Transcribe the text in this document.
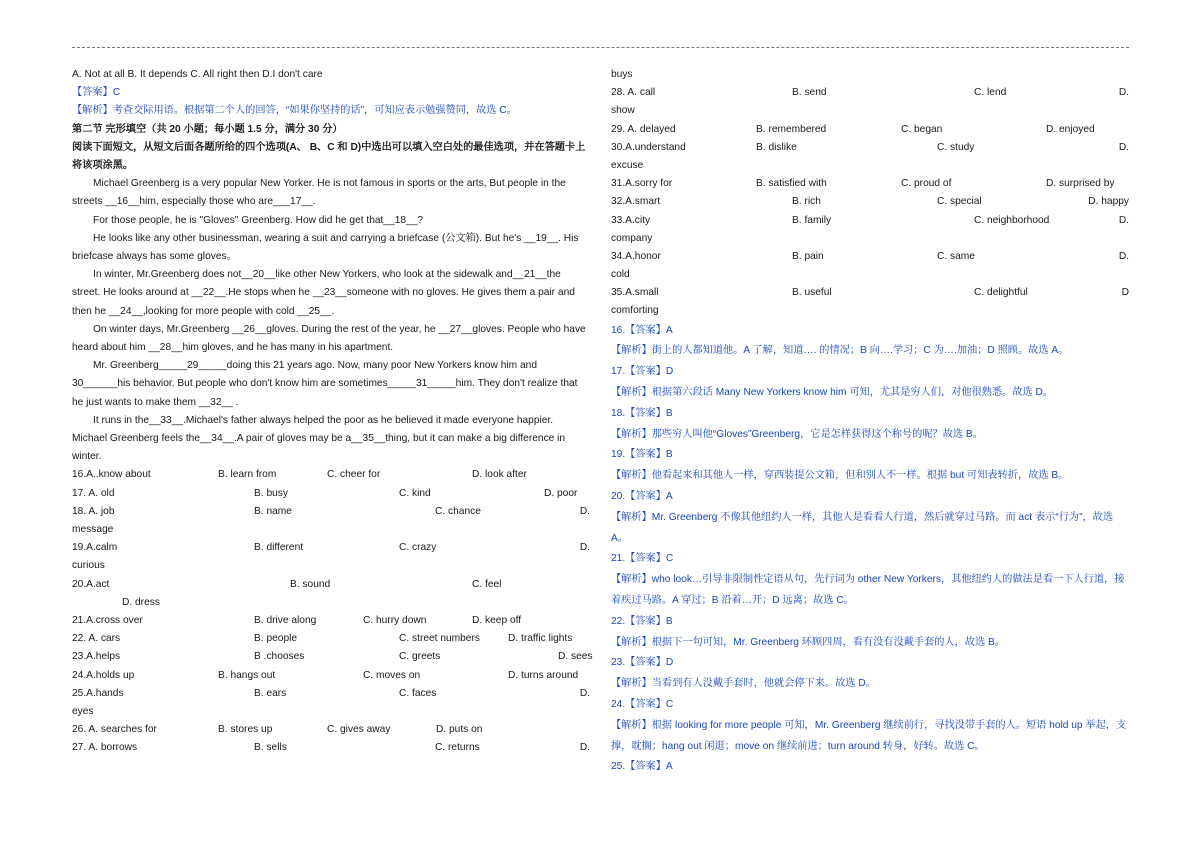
A. Not at all B. It depends C. All right then D.I don't care

【答案】C

【解析】考查交际用语。根据第二个人的回答，“如果你坚持的话”，可知应表示勉强赞同，故选 C。

第二节 完形填空（共 20 小题；每小题 1.5 分，满分 30 分）

阅读下面短文，从短文后面各题所给的四个选项(A、 B、C 和 D)中选出可以填入空白处的最佳选项，并在答题卡上将该项涂黑。

Michael Greenberg is a very popular New Yorker. He is not famous in sports or the arts, But people in the streets __16__him, especially those who are___17__.

For those people, he is "Gloves" Greenberg. How did he get that__18__?

He looks like any other businessman, wearing a suit and carrying a briefcase (公文箱). But he's __19__. His briefcase always has some gloves。

In winter, Mr.Greenberg does not__20__like other New Yorkers, who look at the sidewalk and__21__the street. He looks around at __22__.He stops when he __23__someone with no gloves. He gives them a pair and then he __24__,looking for more people with cold __25__.

On winter days, Mr.Greenberg __26__gloves. During the rest of the year, he __27__gloves. People who have heard about him __28__him gloves, and he has many in his apartment.

Mr. Greenberg_____29_____doing this 21 years ago. Now, many poor New Yorkers know him and 30______his behavior. But people who don't know him are sometimes_____31_____him. They don't realize that he just wants to make them __32__ .

It runs in the__33__.Michael's father always helped the poor as he believed it made everyone happier. Michael Greenberg feels the__34__.A pair of gloves may be a__35__thing, but it can make a big difference in winter.

16.A..know about	B. learn from	C. cheer for	D. look after
17. A. old	B. busy	C. kind	D. poor
18. A. job	B. name	C. chance	D.
message
19.A.calm	B. different	C. crazy	D.
curious
20.A.act	B. sound	C. feel
D. dress
21.A.cross over	B. drive along	C. hurry down	D. keep off
22. A. cars	B. people	C. street numbers	D. traffic lights
23.A.helps	B .chooses	C. greets	D. sees
24.A.holds up	B. hangs out	C. moves on	D. turns around
25.A.hands	B. ears	C. faces	D.
eyes
26. A. searches for	B. stores up	C. gives away	D. puts on
27. A. borrows	B. sells	C. returns	D.
buys
28. A. call	B. send	C. lend	D.
show
29. A. delayed	B. remembered	C. began	D. enjoyed
30.A.understand	B. dislike	C. study	D.
excuse
31.A.sorry for	B. satisfied with	C. proud of	D. surprised by
32.A.smart	B. rich	C. special	D. happy
33.A.city	B. family	C. neighborhood	D.
company
34.A.honor	B. pain	C. same	D.
cold
35.A.small	B. useful	C. delightful	D
comforting

16.【答案】A

【解析】街上的人都知道他。A 了解，知道…. 的情况；B 向….学习；C 为….加油；D 照顾。故选 A。

17.【答案】D

【解析】根据第六段话 Many New Yorkers know him 可知，尤其是穷人们，对他很熟悉。故选 D。

18.【答案】B

【解析】那些穷人叫他“Gloves”Greenberg，它是怎样获得这个称号的呢？故选 B。

19.【答案】B

【解析】他看起来和其他人一样，穿西装提公文箱，但和别人不一样。根据 but 可知表转折，故选 B。

20.【答案】A

【解析】Mr. Greenberg 不像其他纽约人一样，其他人是看看人行道，然后就穿过马路。而 act 表示“行为”，故选 A。

21.【答案】C

【解析】who look…引导非限制性定语从句，先行词为 other New Yorkers，其他纽约人的做法是看一下人行道，接着疾过马路。A 穿过；B 沿着…开；D 远离；故选 C。

22.【答案】B

【解析】根据下一句可知，Mr. Greenberg 环顾四周，看有没有没戴手套的人，故选 B。

23.【答案】D

【解析】当看到有人没戴手套时，他就会停下来。故选 D。

24.【答案】C

【解析】根据 looking for more people 可知，Mr. Greenberg 继续前行，寻找没带手套的人。短语 hold up 举起，支撑，耽搁；hang out 闲逛；move on 继续前进；turn around 转身，好转。故选 C。

25.【答案】A
